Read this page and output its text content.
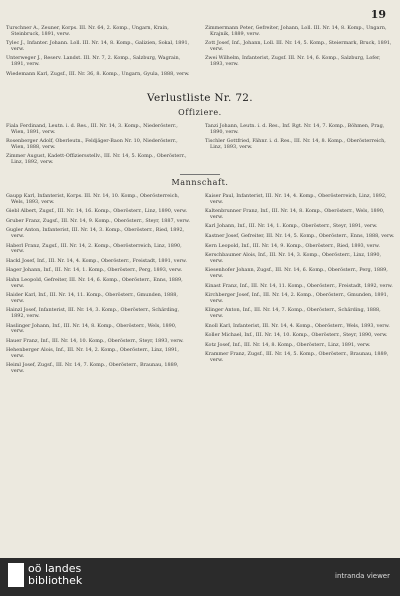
19

Turschner A., Zeuner, Korps. III. Nr. 64, 2. Komp., Ungarn, Krain, Steinbruck, 1891, verw.

Tylec J., Infanter. Johann. Loll. III. Nr. 14, 8. Komp., Galizien, Sokal, 1891, verw.

Unterweger J., Reserv. Landst. III. Nr. 7, 2. Komp., Salzburg, Wagrain, 1891, verw.

Wiedemann Karl, Zugsf., III. Nr. 36, 8. Komp., Ungarn, Gyula, 1888, verw.

Zimmermann Peter, Gefreiter, Johann, Loll. III. Nr. 14, 8. Komp., Ungarn, Krajnik, 1889, verw.

Zott Josef, Inf., Johann, Loll. III. Nr. 14, 5. Komp., Steiermark, Bruck, 1891, verw.

Zwei Wilhelm, Infanterist, Zugsf. III. Nr. 14, 6. Komp., Salzburg, Lofer, 1893, verw.

Verlustliste Nr. 72.
Offiziere.

Fiala Ferdinand, Leutn. i. d. Res., III. Nr. 14, 3. Komp., Niederösterr., Wien, 1891, verw.

Rosenberger Adolf, Oberleutn., Feldjäger-Baon Nr. 10, Niederösterr., Wien, 1888, verw.

Zimmer August, Kadett-Offiziersstellv., III. Nr. 14, 5. Komp., Oberösterr., Linz, 1892, verw.

Tanzi Johann, Leutn. i. d. Res., Inf. Rgt. Nr. 14, 7. Komp., Böhmen, Prag, 1890, verw.

Tischler Gottfried, Fähnr. i. d. Res., III. Nr. 14, 8. Komp., Oberösterreich, Linz, 1893, verw.

Mannschaft.

Gaupp Karl, Infanterist, Korps. III. Nr. 14, 10. Komp., Oberösterreich, Wels, 1893, verw.

Giebl Albert, Zugsf., III. Nr. 14, 16. Komp., Oberösterr., Linz, 1890, verw.

Gruber Franz, Zugsf., III. Nr. 14, 9. Komp., Oberösterr., Steyr, 1887, verw.

Gugler Anton, Infanterist, III. Nr. 14, 3. Komp., Oberösterr., Ried, 1892, verw.

Haberl Franz, Zugsf., III. Nr. 14, 2. Komp., Oberösterreich, Linz, 1890, verw.

Hackl Josef, Inf., III. Nr. 14, 4. Komp., Oberösterr., Freistadt, 1891, verw.

Hager Johann, Inf., III. Nr. 14, 1. Komp., Oberösterr., Perg, 1893, verw.

Hahn Leopold, Gefreiter, III. Nr. 14, 6. Komp., Oberösterr., Enns, 1889, verw.

Haider Karl, Inf., III. Nr. 14, 11. Komp., Oberösterr., Gmunden, 1888, verw.

Hainzl Josef, Infanterist, III. Nr. 14, 3. Komp., Oberösterr., Schärding, 1892, verw.

Haslinger Johann, Inf., III. Nr. 14, 8. Komp., Oberösterr., Wels, 1890, verw.

Hauer Franz, Inf., III. Nr. 14, 10. Komp., Oberösterr., Steyr, 1893, verw.

Hehenberger Alois, Inf., III. Nr. 14, 2. Komp., Oberösterr., Linz, 1891, verw.

Heiml Josef, Zugsf., III. Nr. 14, 7. Komp., Oberösterr., Braunau, 1889, verw.

Kaiser Paul, Infanterist, III. Nr. 14, 4. Komp., Oberösterreich, Linz, 1892, verw.

Kaltenbrunner Franz, Inf., III. Nr. 14, 8. Komp., Oberösterr., Wels, 1890, verw.

Karl Johann, Inf., III. Nr. 14, 1. Komp., Oberösterr., Steyr, 1891, verw.

Kastner Josef, Gefreiter, III. Nr. 14, 5. Komp., Oberösterr., Enns, 1888, verw.

Kern Leopold, Inf., III. Nr. 14, 9. Komp., Oberösterr., Ried, 1893, verw.

Kerschbaumer Alois, Inf., III. Nr. 14, 3. Komp., Oberösterr., Linz, 1890, verw.

Kiesenhofer Johann, Zugsf., III. Nr. 14, 6. Komp., Oberösterr., Perg, 1889, verw.

Kinast Franz, Inf., III. Nr. 14, 11. Komp., Oberösterr., Freistadt, 1892, verw.

Kirchberger Josef, Inf., III. Nr. 14, 2. Komp., Oberösterr., Gmunden, 1891, verw.

Klinger Anton, Inf., III. Nr. 14, 7. Komp., Oberösterr., Schärding, 1888, verw.

Knoll Karl, Infanterist, III. Nr. 14, 4. Komp., Oberösterr., Wels, 1893, verw.

Koller Michael, Inf., III. Nr. 14, 10. Komp., Oberösterr., Steyr, 1890, verw.

Kotz Josef, Inf., III. Nr. 14, 8. Komp., Oberösterr., Linz, 1891, verw.

Krammer Franz, Zugsf., III. Nr. 14, 5. Komp., Oberösterr., Braunau, 1889, verw.

oö landes
bibliothek	intranda viewer
